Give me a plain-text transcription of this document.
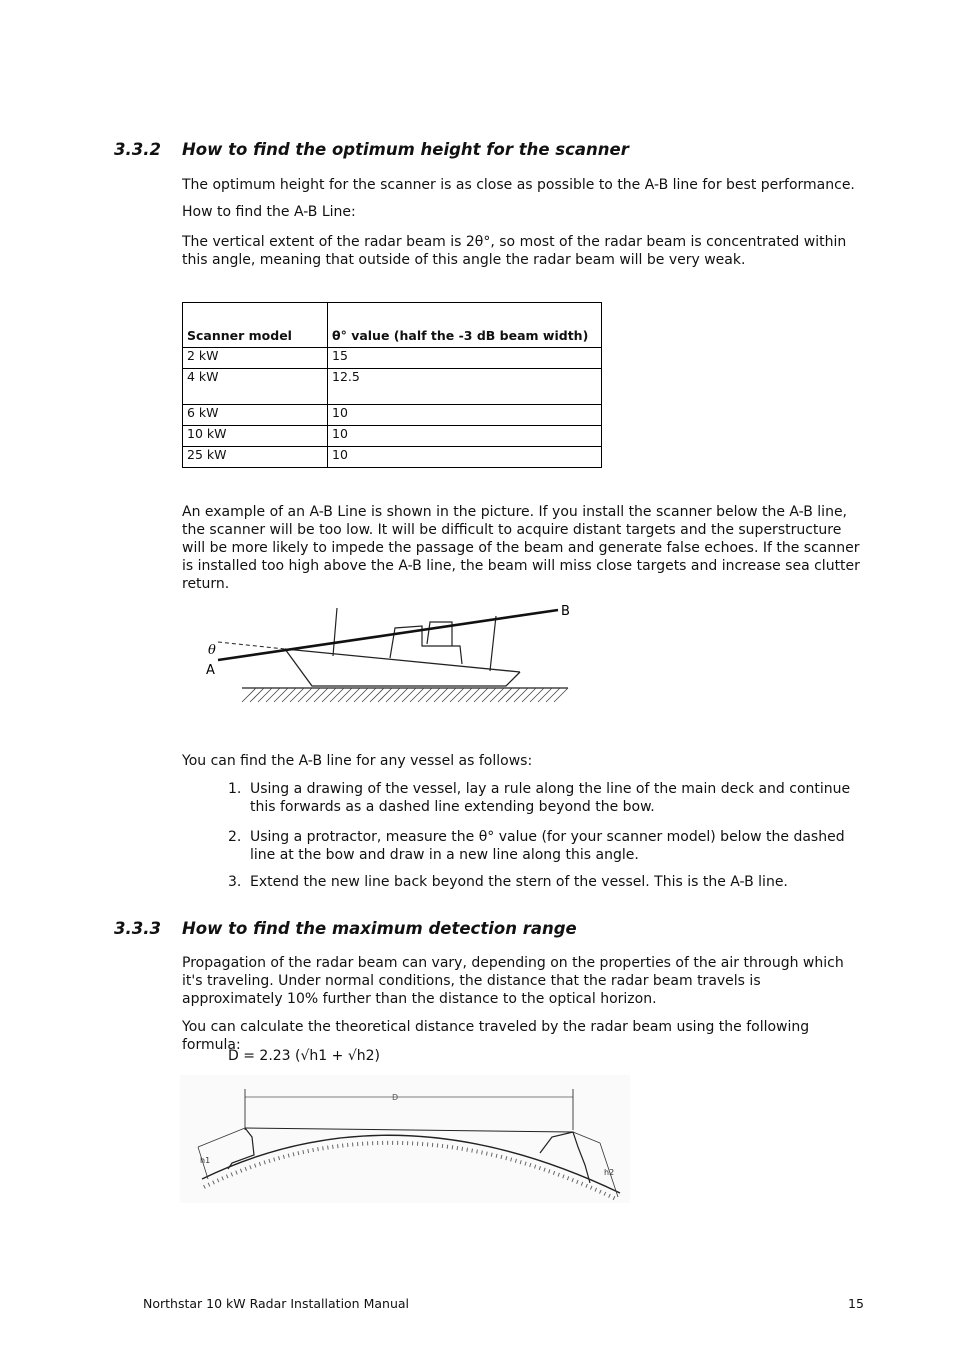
3.3.2 How to find the optimum height for the scanner

The optimum height for the scanner is as close as possible to the A-B line for best performance.

How to find the A-B Line:

The vertical extent of the radar beam is 2θ°, so most of the radar beam is concentrated within this angle, meaning that outside of this angle the radar beam will be very weak.

Scanner model	θ° value (half the -3 dB beam width)
2 kW	15
4 kW	12.5
6 kW	10
10 kW	10
25 kW	10

An example of an A-B Line is shown in the picture. If you install the scanner below the A-B line, the scanner will be too low. It will be difficult to acquire distant targets and the superstructure will be more likely to impede the passage of the beam and generate false echoes. If the scanner is installed too high above the A-B line, the beam will miss close targets and increase sea clutter return.

θ
A
B

You can find the A-B line for any vessel as follows:

1. Using a drawing of the vessel, lay a rule along the line of the main deck and continue this forwards as a dashed line extending beyond the bow.
2. Using a protractor, measure the θ° value (for your scanner model) below the dashed line at the bow and draw in a new line along this angle.
3. Extend the new line back beyond the stern of the vessel. This is the A-B line.
3.3.3 How to find the maximum detection range

Propagation of the radar beam can vary, depending on the properties of the air through which it's traveling. Under normal conditions, the distance that the radar beam travels is approximately 10% further than the distance to the optical horizon.

You can calculate the theoretical distance traveled by the radar beam using the following formula:

D = 2.23 (√h1 + √h2)
D
h1
h2
Northstar 10 kW Radar Installation Manual	15
